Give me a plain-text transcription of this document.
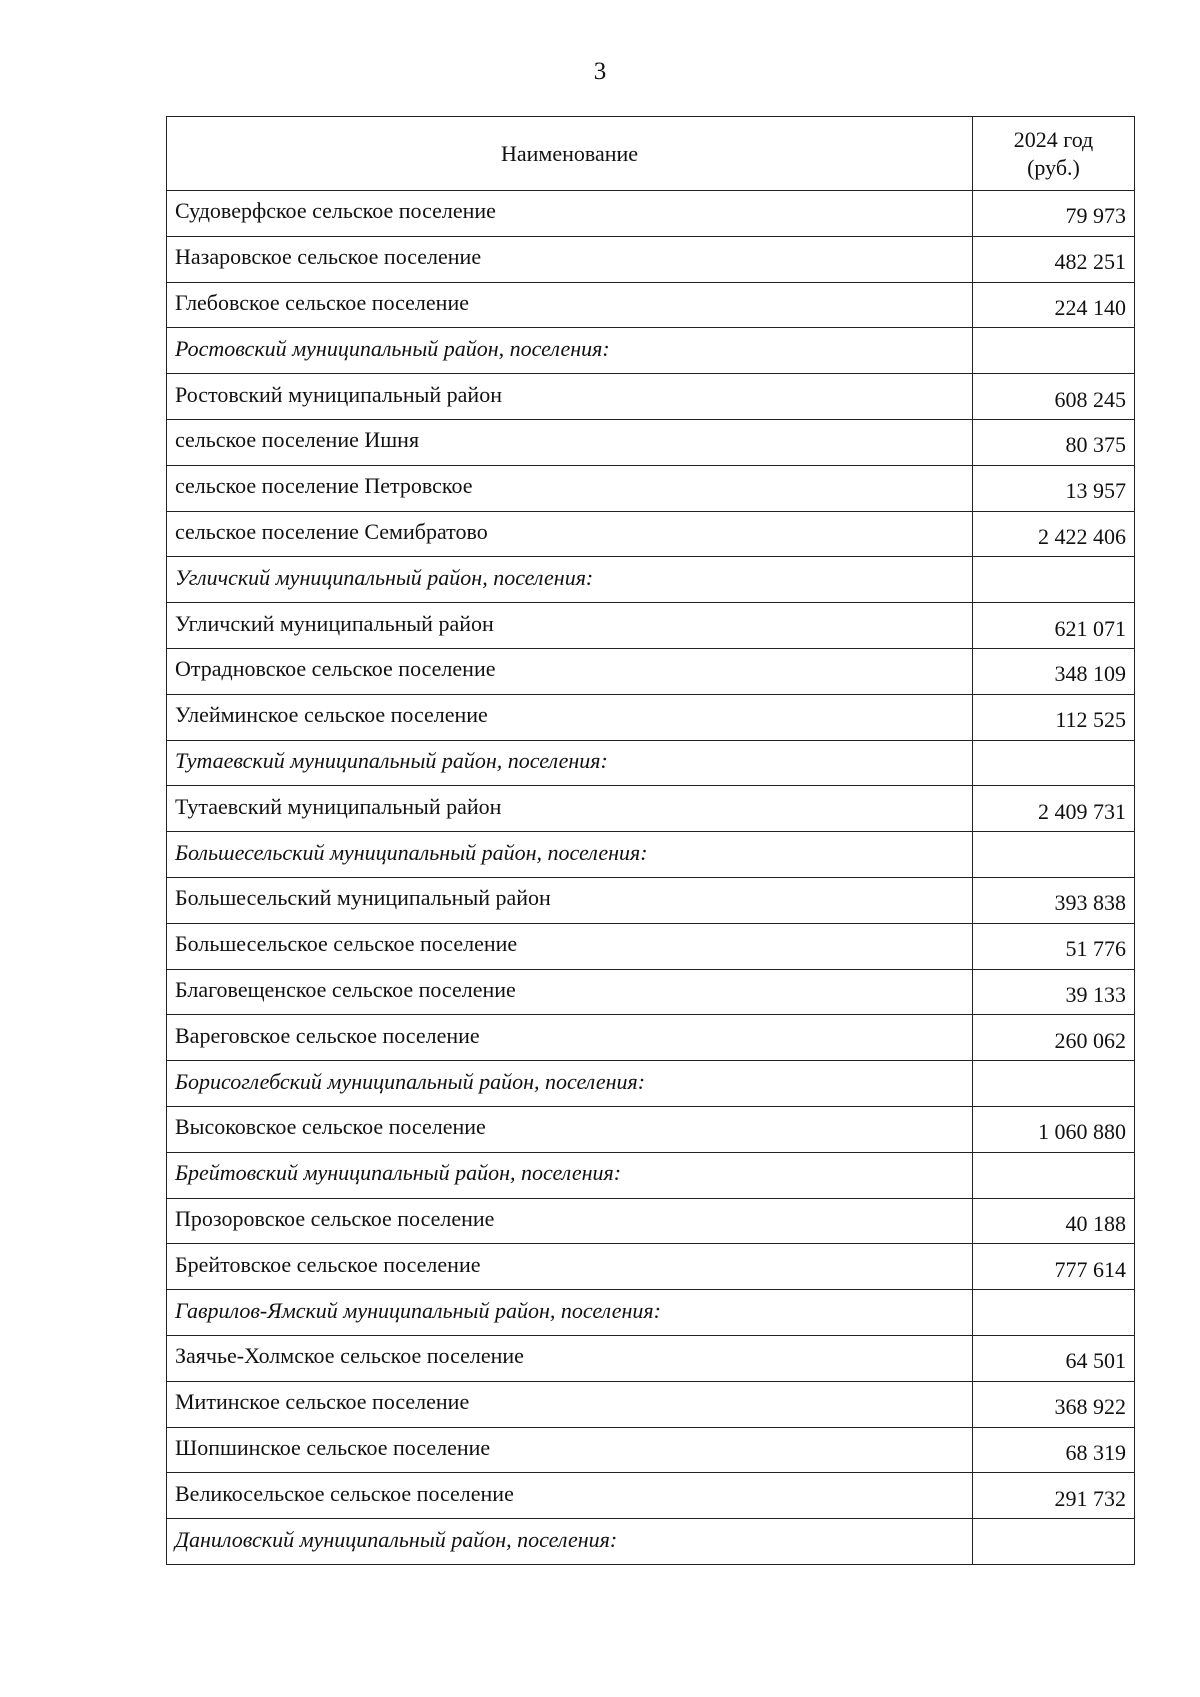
3
Наименование	2024 год
(руб.)

Судоверфское сельское поселение	79 973
Назаровское сельское поселение	482 251
Глебовское сельское поселение	224 140
Ростовский муниципальный район, поселения:	
Ростовский муниципальный район	608 245
сельское поселение Ишня	80 375
сельское поселение Петровское	13 957
сельское поселение Семибратово	2 422 406
Угличский муниципальный район, поселения:	
Угличский муниципальный район	621 071
Отрадновское сельское поселение	348 109
Улейминское сельское поселение	112 525
Тутаевский муниципальный район, поселения:	
Тутаевский муниципальный район	2 409 731
Большесельский муниципальный район, поселения:	
Большесельский муниципальный район	393 838
Большесельское сельское поселение	51 776
Благовещенское сельское поселение	39 133
Вареговское сельское поселение	260 062
Борисоглебский муниципальный район, поселения:	
Высоковское сельское поселение	1 060 880
Брейтовский муниципальный район, поселения:	
Прозоровское сельское поселение	40 188
Брейтовское сельское поселение	777 614
Гаврилов-Ямский муниципальный район, поселения:	
Заячье-Холмское сельское поселение	64 501
Митинское сельское поселение	368 922
Шопшинское сельское поселение	68 319
Великосельское сельское поселение	291 732
Даниловский муниципальный район, поселения:	
